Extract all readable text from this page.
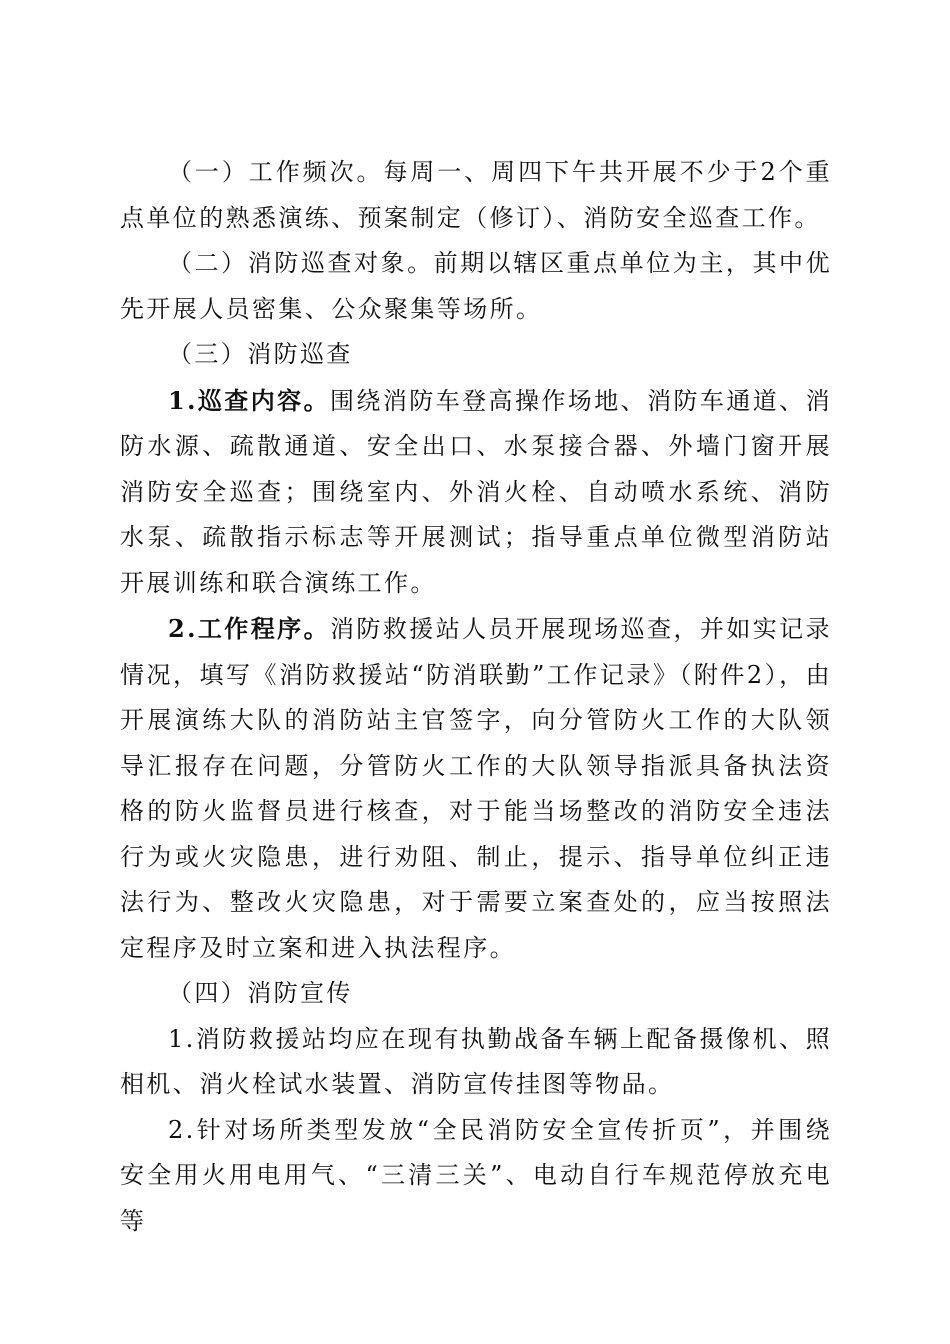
（一）工作频次。每周一、周四下午共开展不少于2个重点单位的熟悉演练、预案制定（修订）、消防安全巡查工作。

（二）消防巡查对象。前期以辖区重点单位为主，其中优先开展人员密集、公众聚集等场所。

（三）消防巡查

1.巡查内容。围绕消防车登高操作场地、消防车通道、消防水源、疏散通道、安全出口、水泵接合器、外墙门窗开展消防安全巡查；围绕室内、外消火栓、自动喷水系统、消防水泵、疏散指示标志等开展测试；指导重点单位微型消防站开展训练和联合演练工作。

2.工作程序。消防救援站人员开展现场巡查，并如实记录情况，填写《消防救援站“防消联勤”工作记录》（附件2），由开展演练大队的消防站主官签字，向分管防火工作的大队领导汇报存在问题，分管防火工作的大队领导指派具备执法资格的防火监督员进行核查，对于能当场整改的消防安全违法行为或火灾隐患，进行劝阻、制止，提示、指导单位纠正违法行为、整改火灾隐患，对于需要立案查处的，应当按照法定程序及时立案和进入执法程序。

（四）消防宣传

1.消防救援站均应在现有执勤战备车辆上配备摄像机、照相机、消火栓试水装置、消防宣传挂图等物品。

2.针对场所类型发放“全民消防安全宣传折页”，并围绕安全用火用电用气、“三清三关”、电动自行车规范停放充电等
